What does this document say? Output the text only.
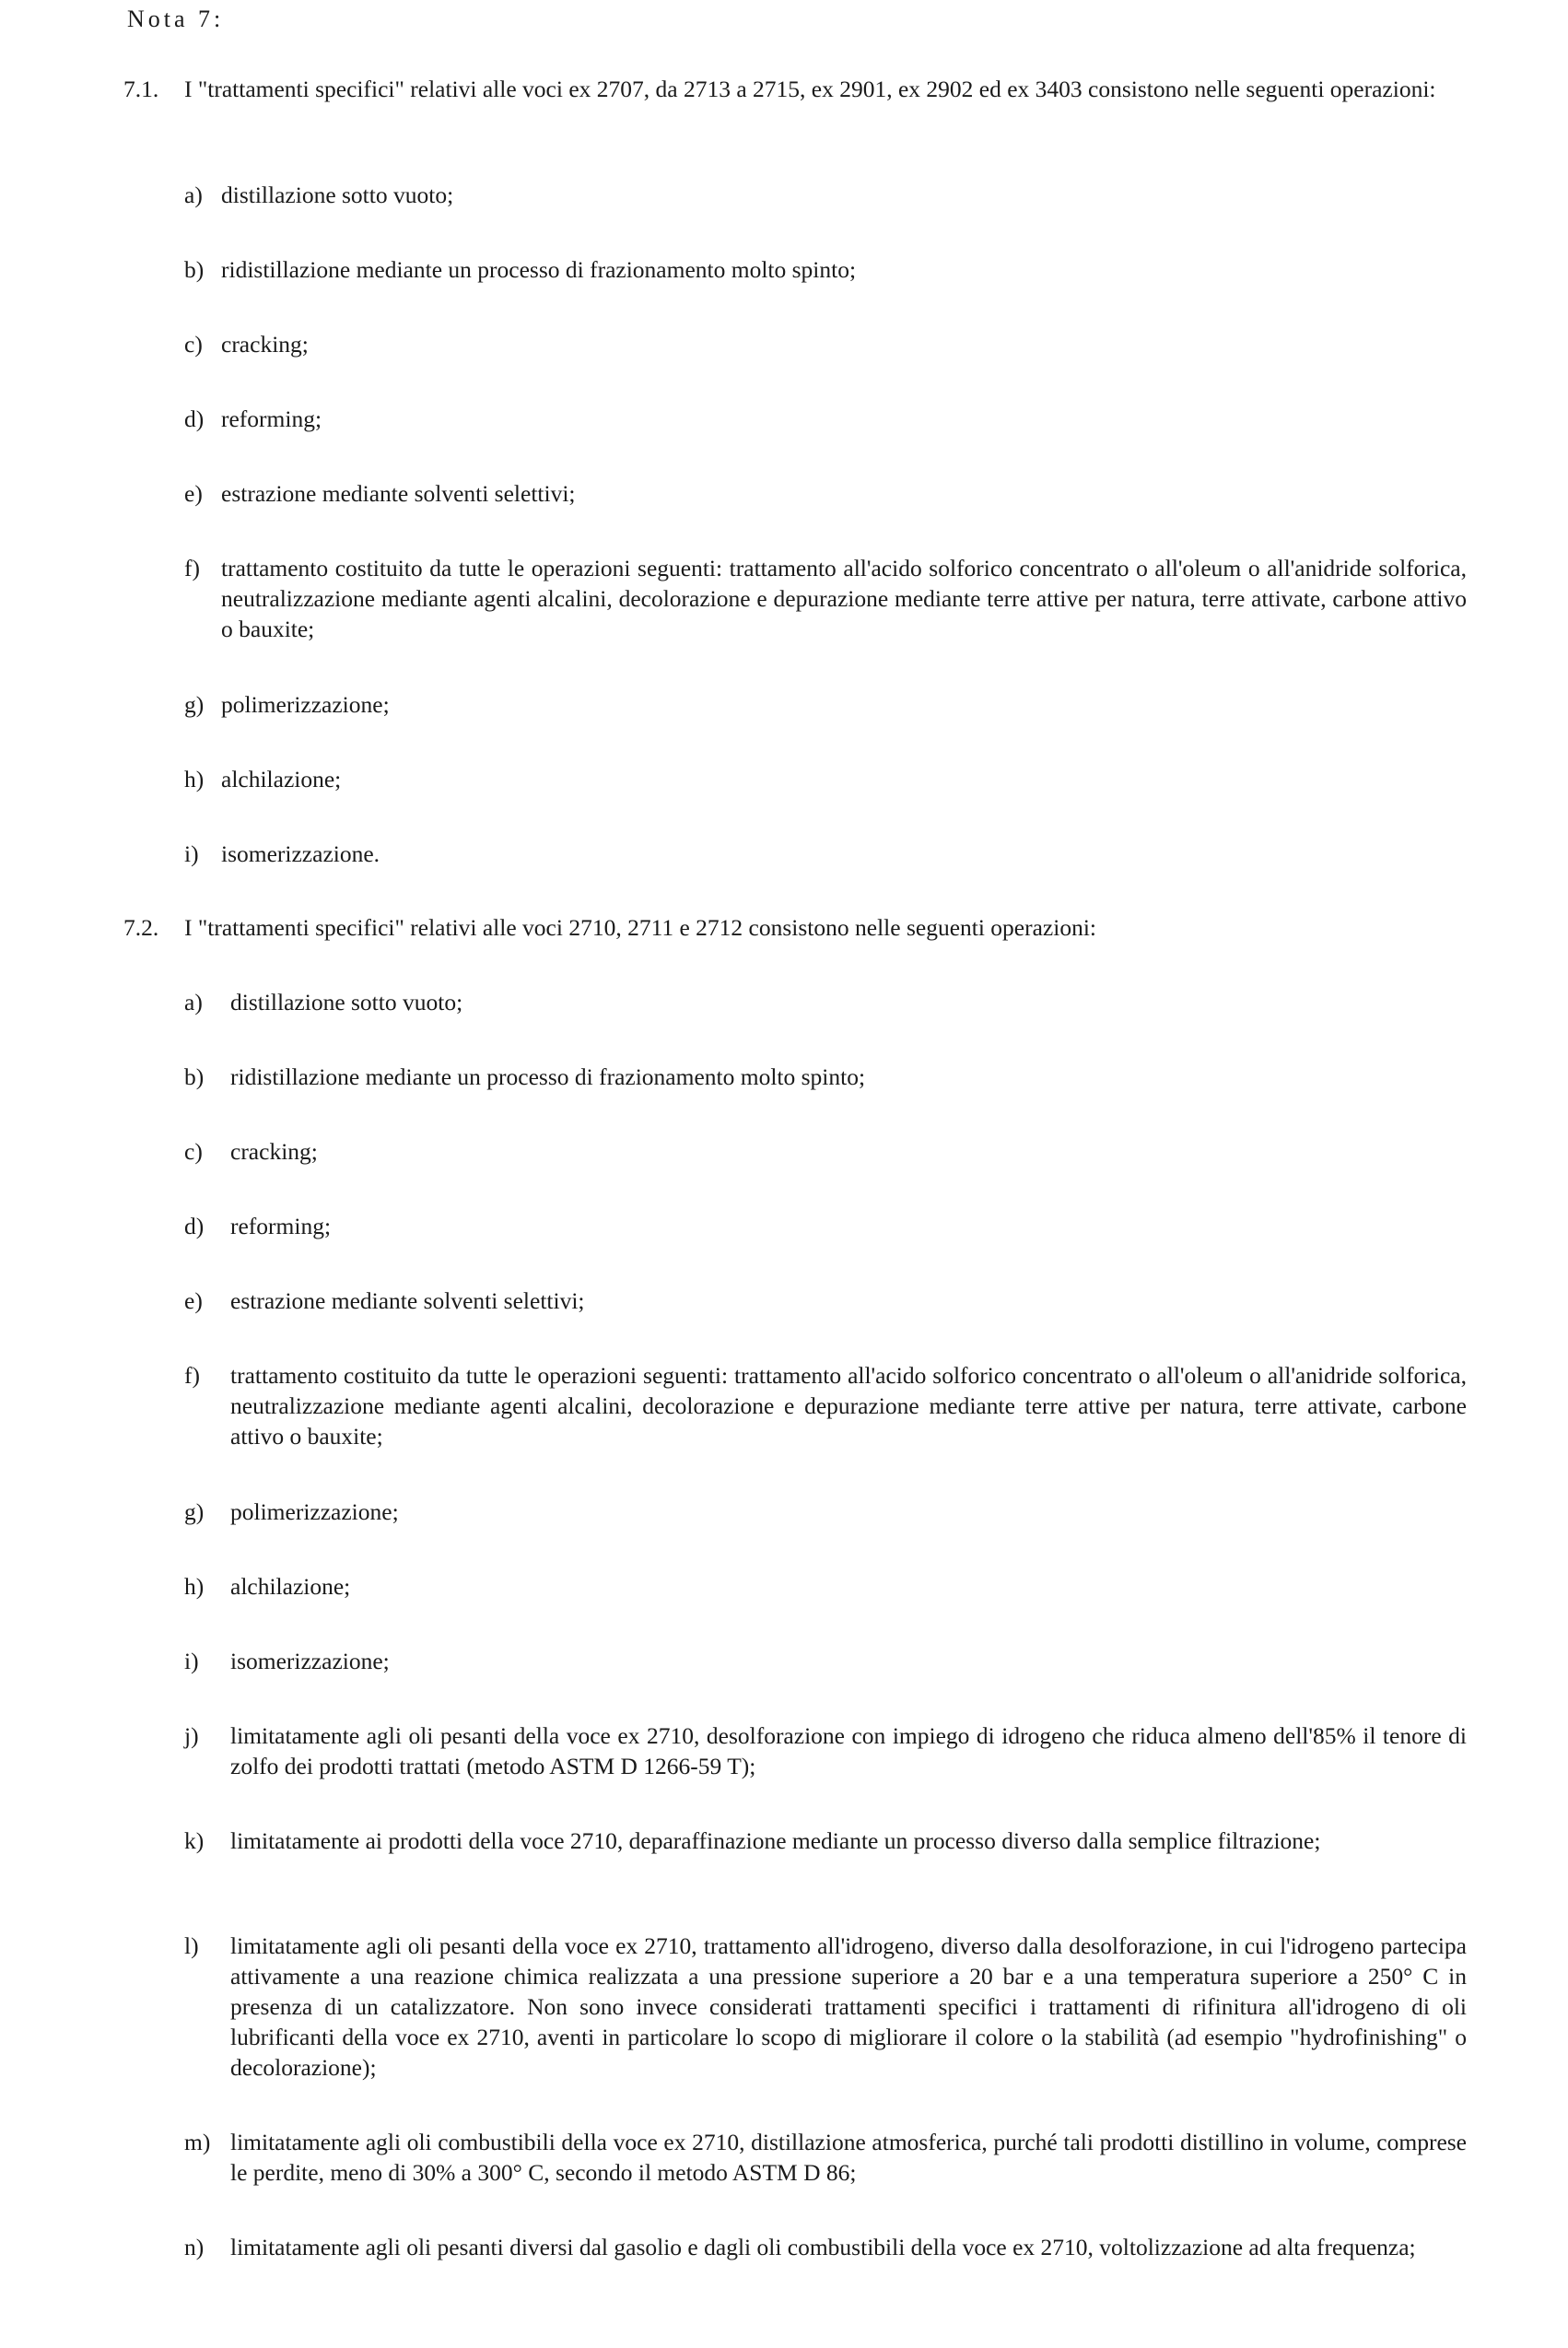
Nota 7:
7.1. I "trattamenti specifici" relativi alle voci ex 2707, da 2713 a 2715, ex 2901, ex 2902 ed ex 3403 consistono nelle seguenti operazioni:
a) distillazione sotto vuoto;
b) ridistillazione mediante un processo di frazionamento molto spinto;
c) cracking;
d) reforming;
e) estrazione mediante solventi selettivi;
f) trattamento costituito da tutte le operazioni seguenti: trattamento all'acido solforico concentrato o all'oleum o all'anidride solforica, neutralizzazione mediante agenti alcalini, decolorazione e depurazione mediante terre attive per natura, terre attivate, carbone attivo o bauxite;
g) polimerizzazione;
h) alchilazione;
i) isomerizzazione.
7.2. I "trattamenti specifici" relativi alle voci 2710, 2711 e 2712 consistono nelle seguenti operazioni:
a) distillazione sotto vuoto;
b) ridistillazione mediante un processo di frazionamento molto spinto;
c) cracking;
d) reforming;
e) estrazione mediante solventi selettivi;
f) trattamento costituito da tutte le operazioni seguenti: trattamento all'acido solforico concentrato o all'oleum o all'anidride solforica, neutralizzazione mediante agenti alcalini, decolorazione e depurazione mediante terre attive per natura, terre attivate, carbone attivo o bauxite;
g) polimerizzazione;
h) alchilazione;
i) isomerizzazione;
j) limitatamente agli oli pesanti della voce ex 2710, desolforazione con impiego di idrogeno che riduca almeno dell'85% il tenore di zolfo dei prodotti trattati (metodo ASTM D 1266-59 T);
k) limitatamente ai prodotti della voce 2710, deparaffinazione mediante un processo diverso dalla semplice filtrazione;
l) limitatamente agli oli pesanti della voce ex 2710, trattamento all'idrogeno, diverso dalla desolforazione, in cui l'idrogeno partecipa attivamente a una reazione chimica realizzata a una pressione superiore a 20 bar e a una temperatura superiore a 250° C in presenza di un catalizzatore. Non sono invece considerati trattamenti specifici i trattamenti di rifinitura all'idrogeno di oli lubrificanti della voce ex 2710, aventi in particolare lo scopo di migliorare il colore o la stabilità (ad esempio "hydrofinishing" o decolorazione);
m) limitatamente agli oli combustibili della voce ex 2710, distillazione atmosferica, purché tali prodotti distillino in volume, comprese le perdite, meno di 30% a 300° C, secondo il metodo ASTM D 86;
n) limitatamente agli oli pesanti diversi dal gasolio e dagli oli combustibili della voce ex 2710, voltolizzazione ad alta frequenza;
